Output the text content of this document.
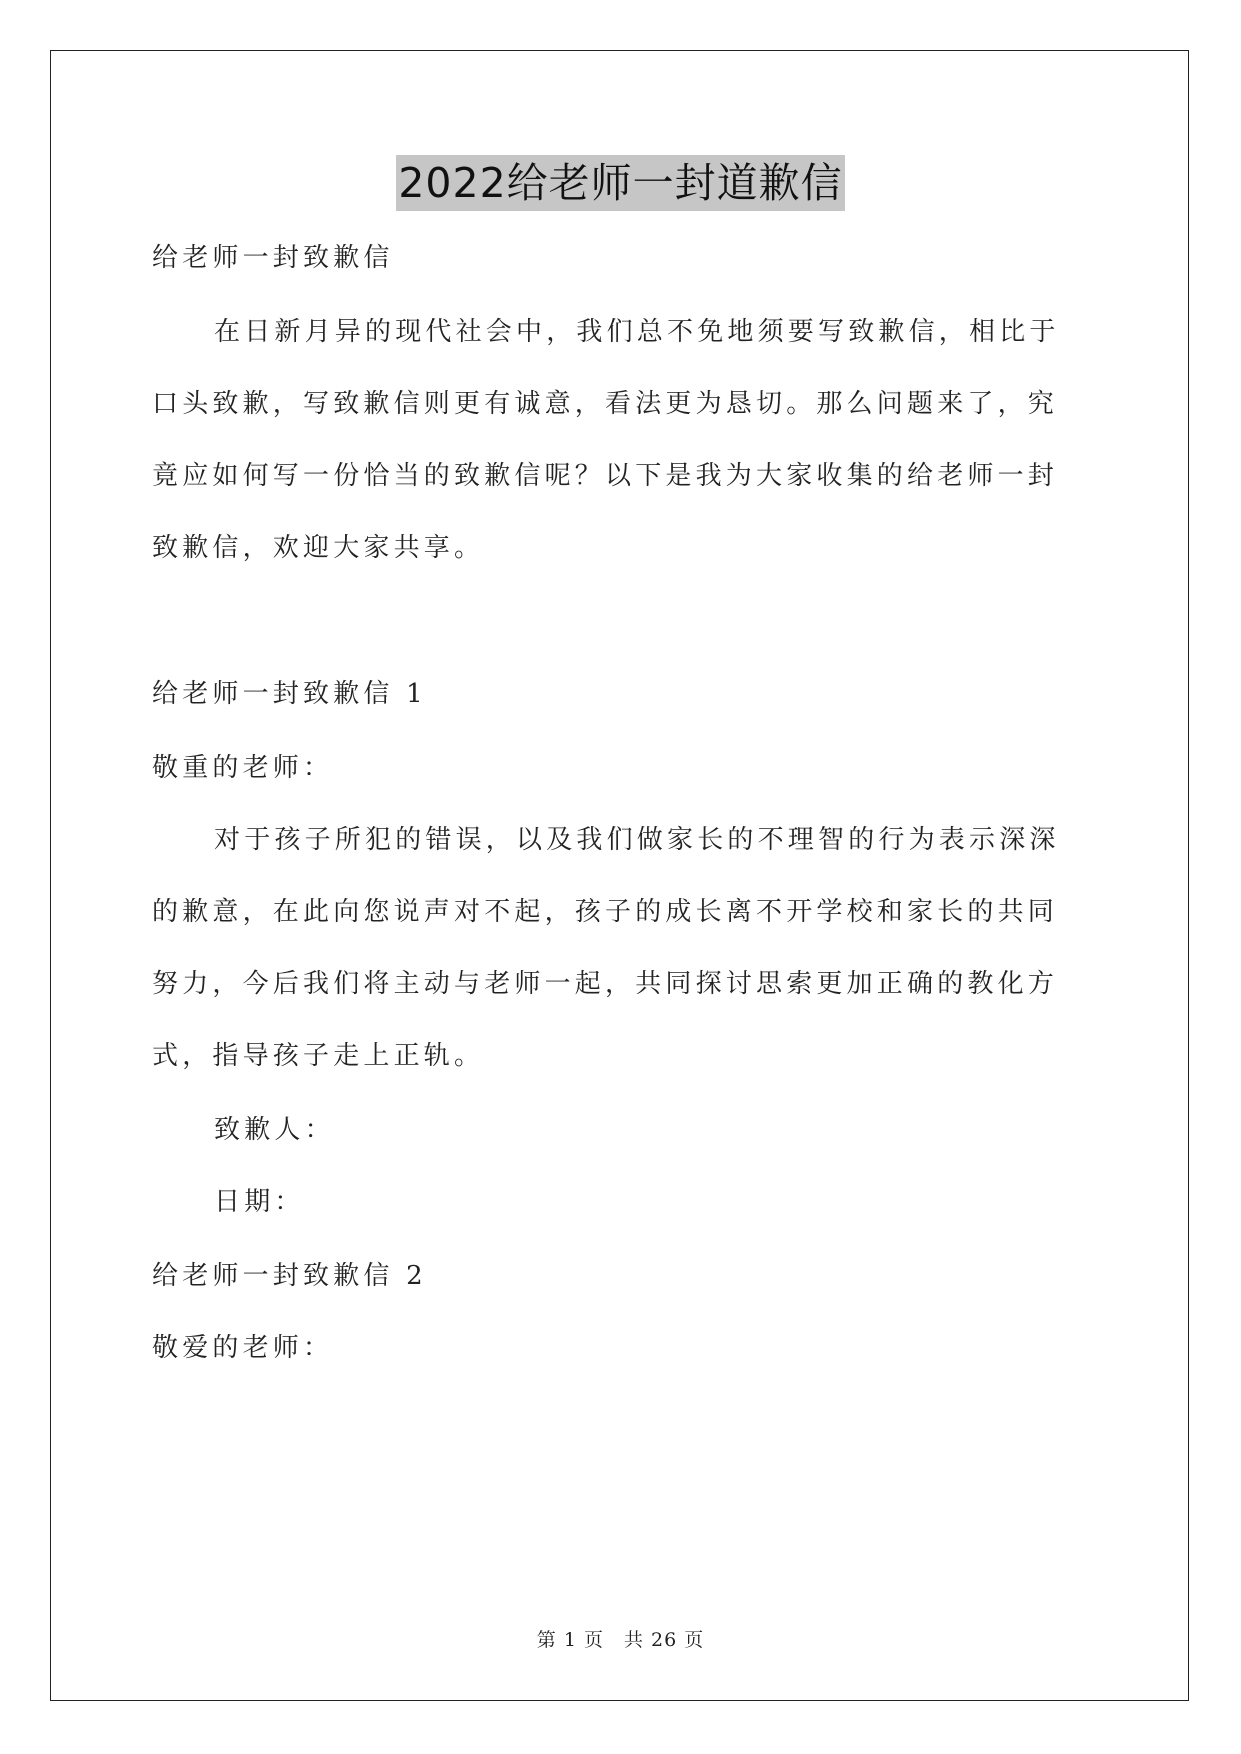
2022给老师一封道歉信
给老师一封致歉信
在日新月异的现代社会中，我们总不免地须要写致歉信，相比于
口头致歉，写致歉信则更有诚意，看法更为恳切。那么问题来了，究
竟应如何写一份恰当的致歉信呢？以下是我为大家收集的给老师一封
致歉信，欢迎大家共享。
给老师一封致歉信 1
敬重的老师：
对于孩子所犯的错误，以及我们做家长的不理智的行为表示深深
的歉意，在此向您说声对不起，孩子的成长离不开学校和家长的共同
努力，今后我们将主动与老师一起，共同探讨思索更加正确的教化方
式，指导孩子走上正轨。
致歉人：
日期：
给老师一封致歉信 2
敬爱的老师：
第 1 页　共 26 页
